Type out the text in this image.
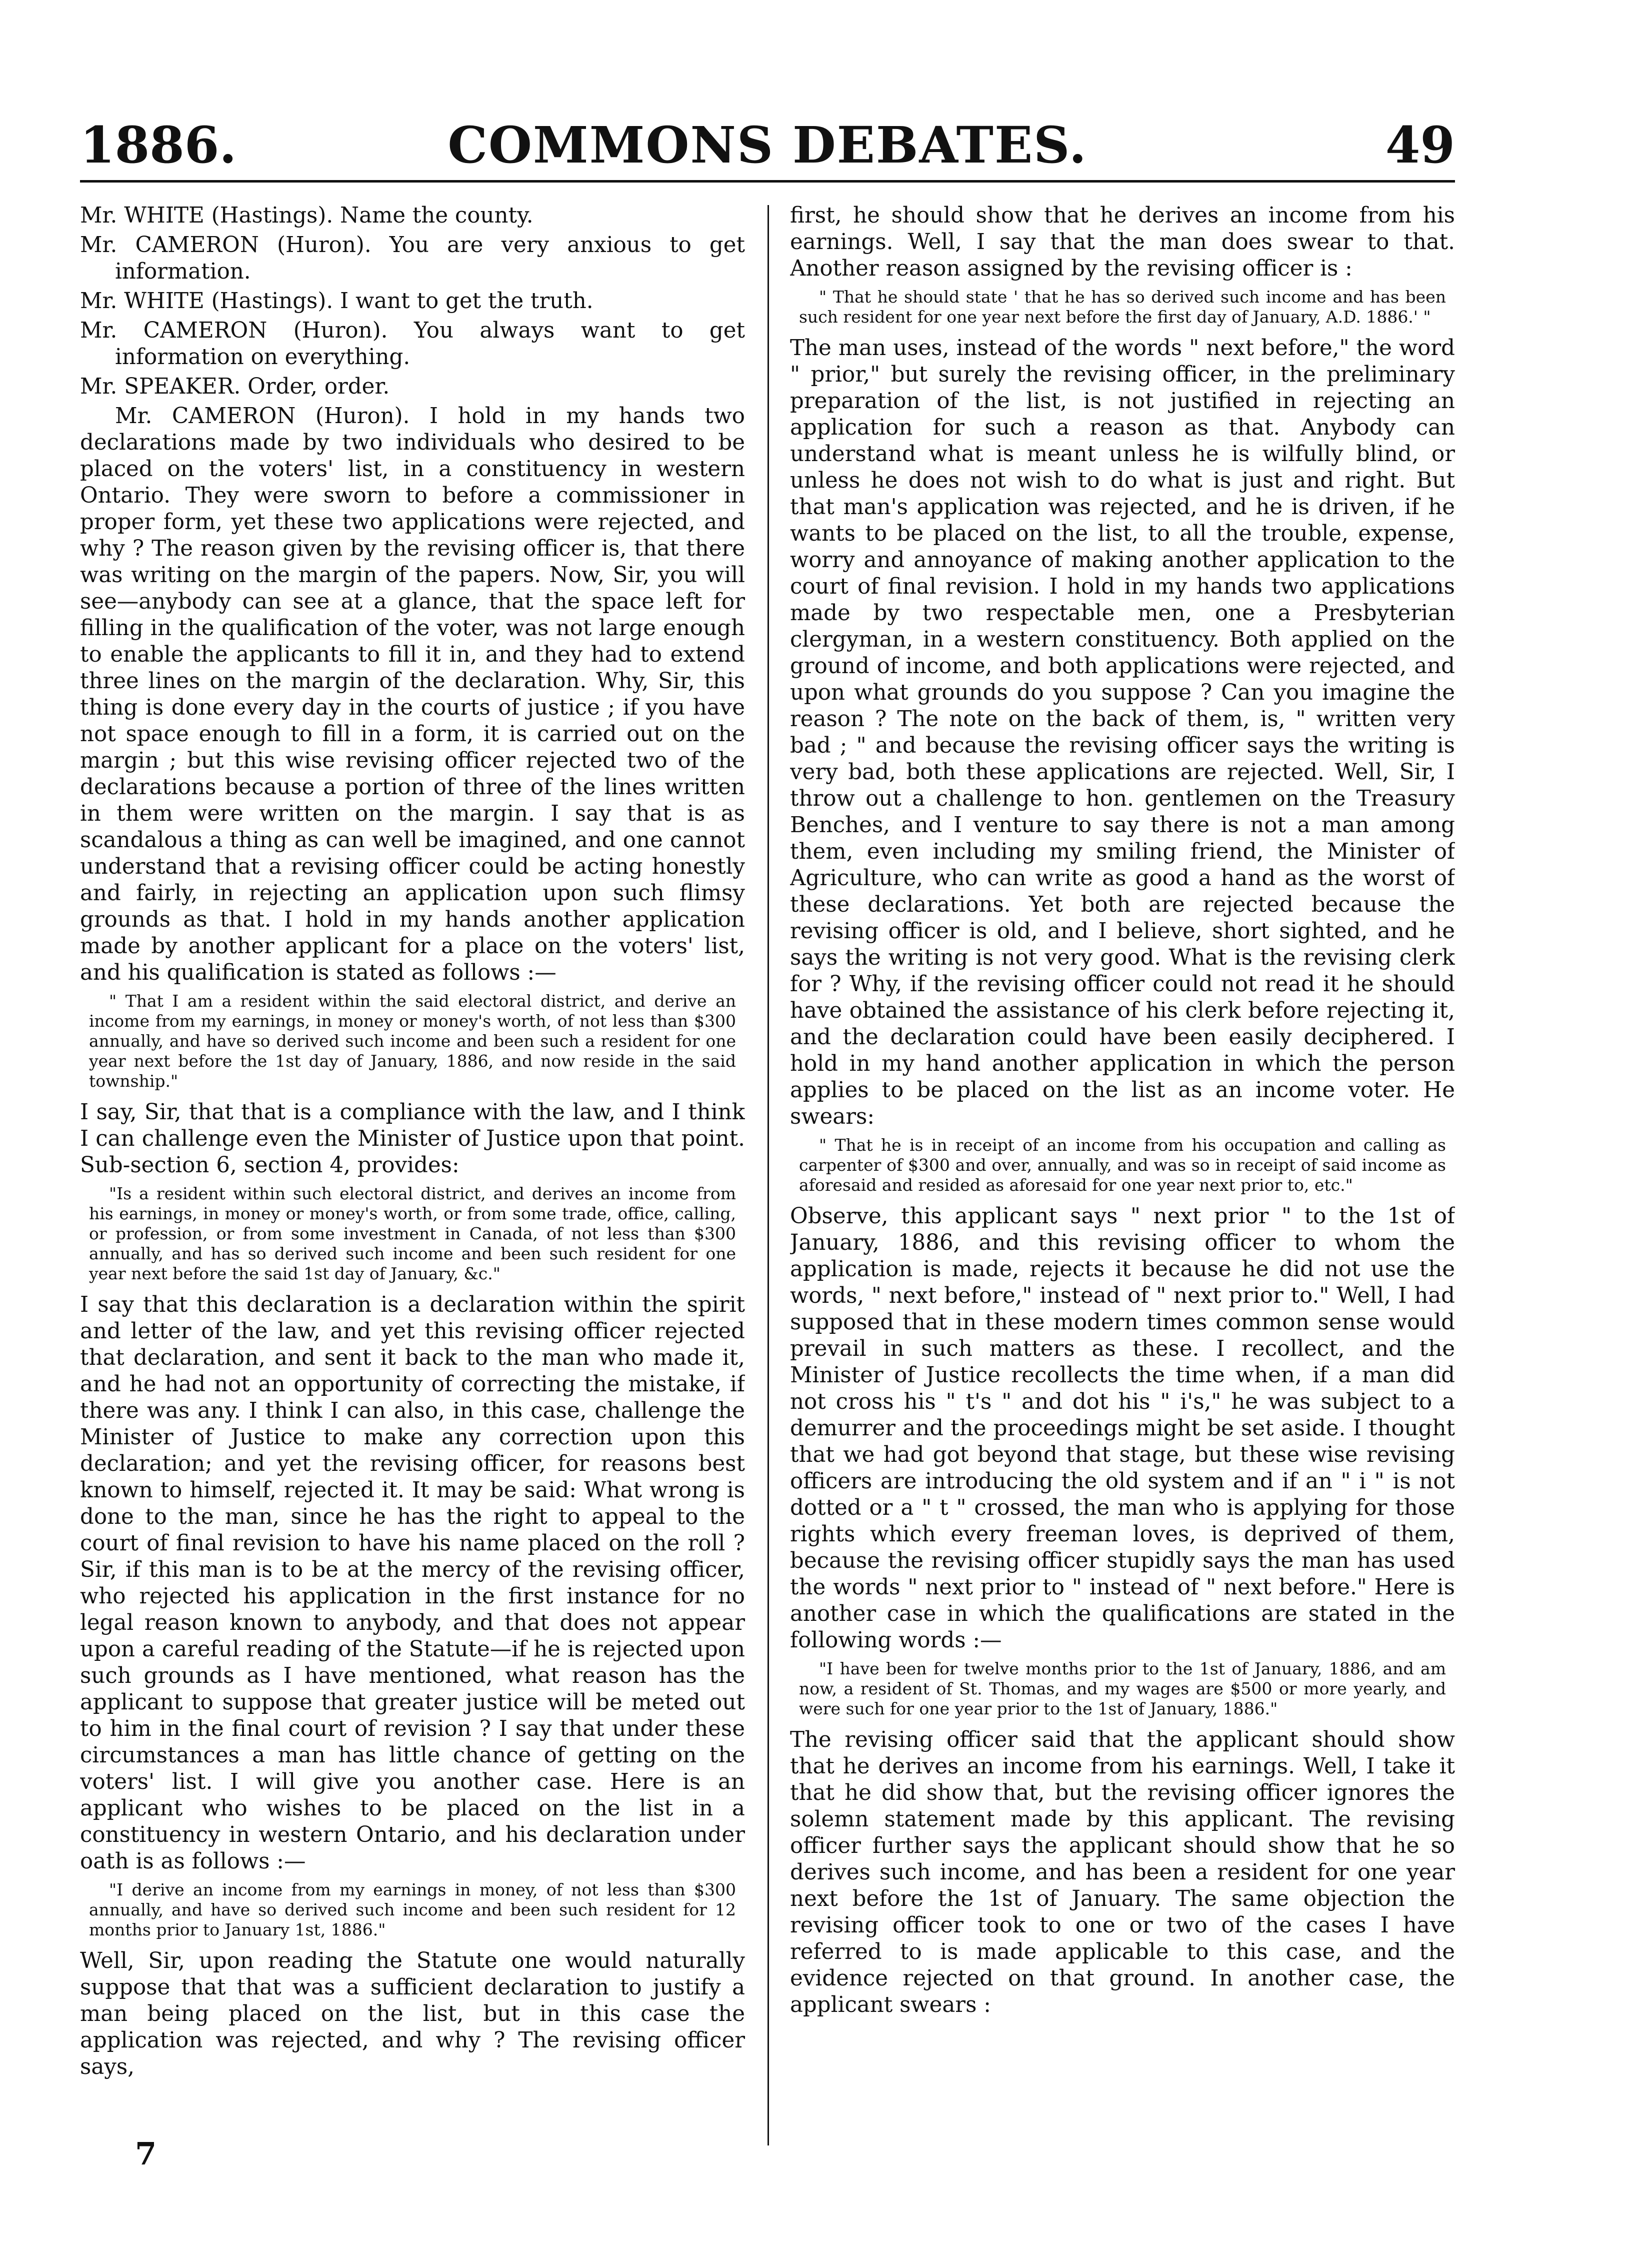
1886.	COMMONS DEBATES.	49

Mr. WHITE (Hastings). Name the county.

Mr. CAMERON (Huron). You are very anxious to get information.

Mr. WHITE (Hastings). I want to get the truth.

Mr. CAMERON (Huron). You always want to get information on everything.

Mr. SPEAKER. Order, order.

Mr. CAMERON (Huron). I hold in my hands two declarations made by two individuals who desired to be placed on the voters' list, in a constituency in western Ontario. They were sworn to before a commissioner in proper form, yet these two applications were rejected, and why ? The reason given by the revising officer is, that there was writing on the margin of the papers. Now, Sir, you will see—anybody can see at a glance, that the space left for filling in the qualification of the voter, was not large enough to enable the applicants to fill it in, and they had to extend three lines on the margin of the declaration. Why, Sir, this thing is done every day in the courts of justice ; if you have not space enough to fill in a form, it is carried out on the margin ; but this wise revising officer rejected two of the declarations because a portion of three of the lines written in them were written on the margin. I say that is as scandalous a thing as can well be imagined, and one cannot understand that a revising officer could be acting honestly and fairly, in rejecting an application upon such flimsy grounds as that. I hold in my hands another application made by another applicant for a place on the voters' list, and his qualification is stated as follows :—

" That I am a resident within the said electoral district, and derive an income from my earnings, in money or money's worth, of not less than $300 annually, and have so derived such income and been such a resident for one year next before the 1st day of January, 1886, and now reside in the said township."

I say, Sir, that that is a compliance with the law, and I think I can challenge even the Minister of Justice upon that point. Sub-section 6, section 4, provides:

"Is a resident within such electoral district, and derives an income from his earnings, in money or money's worth, or from some trade, office, calling, or profession, or from some investment in Canada, of not less than $300 annually, and has so derived such income and been such resident for one year next before the said 1st day of January, &c."

I say that this declaration is a declaration within the spirit and letter of the law, and yet this revising officer rejected that declaration, and sent it back to the man who made it, and he had not an opportunity of correcting the mistake, if there was any. I think I can also, in this case, challenge the Minister of Justice to make any correction upon this declaration; and yet the revising officer, for reasons best known to himself, rejected it. It may be said: What wrong is done to the man, since he has the right to appeal to the court of final revision to have his name placed on the roll ? Sir, if this man is to be at the mercy of the revising officer, who rejected his application in the first instance for no legal reason known to anybody, and that does not appear upon a careful reading of the Statute—if he is rejected upon such grounds as I have mentioned, what reason has the applicant to suppose that greater justice will be meted out to him in the final court of revision ? I say that under these circumstances a man has little chance of getting on the voters' list. I will give you another case. Here is an applicant who wishes to be placed on the list in a constituency in western Ontario, and his declaration under oath is as follows :—

"I derive an income from my earnings in money, of not less than $300 annually, and have so derived such income and been such resident for 12 months prior to January 1st, 1886."

Well, Sir, upon reading the Statute one would naturally suppose that that was a sufficient declaration to justify a man being placed on the list, but in this case the application was rejected, and why ? The revising officer says,

first, he should show that he derives an income from his earnings. Well, I say that the man does swear to that. Another reason assigned by the revising officer is :

" That he should state ' that he has so derived such income and has been such resident for one year next before the first day of January, A.D. 1886.' "

The man uses, instead of the words " next before," the word " prior," but surely the revising officer, in the preliminary preparation of the list, is not justified in rejecting an application for such a reason as that. Anybody can understand what is meant unless he is wilfully blind, or unless he does not wish to do what is just and right. But that man's application was rejected, and he is driven, if he wants to be placed on the list, to all the trouble, expense, worry and annoyance of making another application to the court of final revision. I hold in my hands two applications made by two respectable men, one a Presbyterian clergyman, in a western constituency. Both applied on the ground of income, and both applications were rejected, and upon what grounds do you suppose ? Can you imagine the reason ? The note on the back of them, is, " written very bad ; " and because the revising officer says the writing is very bad, both these applications are rejected. Well, Sir, I throw out a challenge to hon. gentlemen on the Treasury Benches, and I venture to say there is not a man among them, even including my smiling friend, the Minister of Agriculture, who can write as good a hand as the worst of these declarations. Yet both are rejected because the revising officer is old, and I believe, short sighted, and he says the writing is not very good. What is the revising clerk for ? Why, if the revising officer could not read it he should have obtained the assistance of his clerk before rejecting it, and the declaration could have been easily deciphered. I hold in my hand another application in which the person applies to be placed on the list as an income voter. He swears:

" That he is in receipt of an income from his occupation and calling as carpenter of $300 and over, annually, and was so in receipt of said income as aforesaid and resided as aforesaid for one year next prior to, etc."

Observe, this applicant says " next prior " to the 1st of January, 1886, and this revising officer to whom the application is made, rejects it because he did not use the words, " next before," instead of " next prior to." Well, I had supposed that in these modern times common sense would prevail in such matters as these. I recollect, and the Minister of Justice recollects the time when, if a man did not cross his " t's " and dot his " i's," he was subject to a demurrer and the proceedings might be set aside. I thought that we had got beyond that stage, but these wise revising officers are introducing the old system and if an " i " is not dotted or a " t " crossed, the man who is applying for those rights which every freeman loves, is deprived of them, because the revising officer stupidly says the man has used the words " next prior to " instead of " next before." Here is another case in which the qualifications are stated in the following words :—

"I have been for twelve months prior to the 1st of January, 1886, and am now, a resident of St. Thomas, and my wages are $500 or more yearly, and were such for one year prior to the 1st of January, 1886."

The revising officer said that the applicant should show that he derives an income from his earnings. Well, I take it that he did show that, but the revising officer ignores the solemn statement made by this applicant. The revising officer further says the applicant should show that he so derives such income, and has been a resident for one year next before the 1st of January. The same objection the revising officer took to one or two of the cases I have referred to is made applicable to this case, and the evidence rejected on that ground. In another case, the applicant swears :

7
